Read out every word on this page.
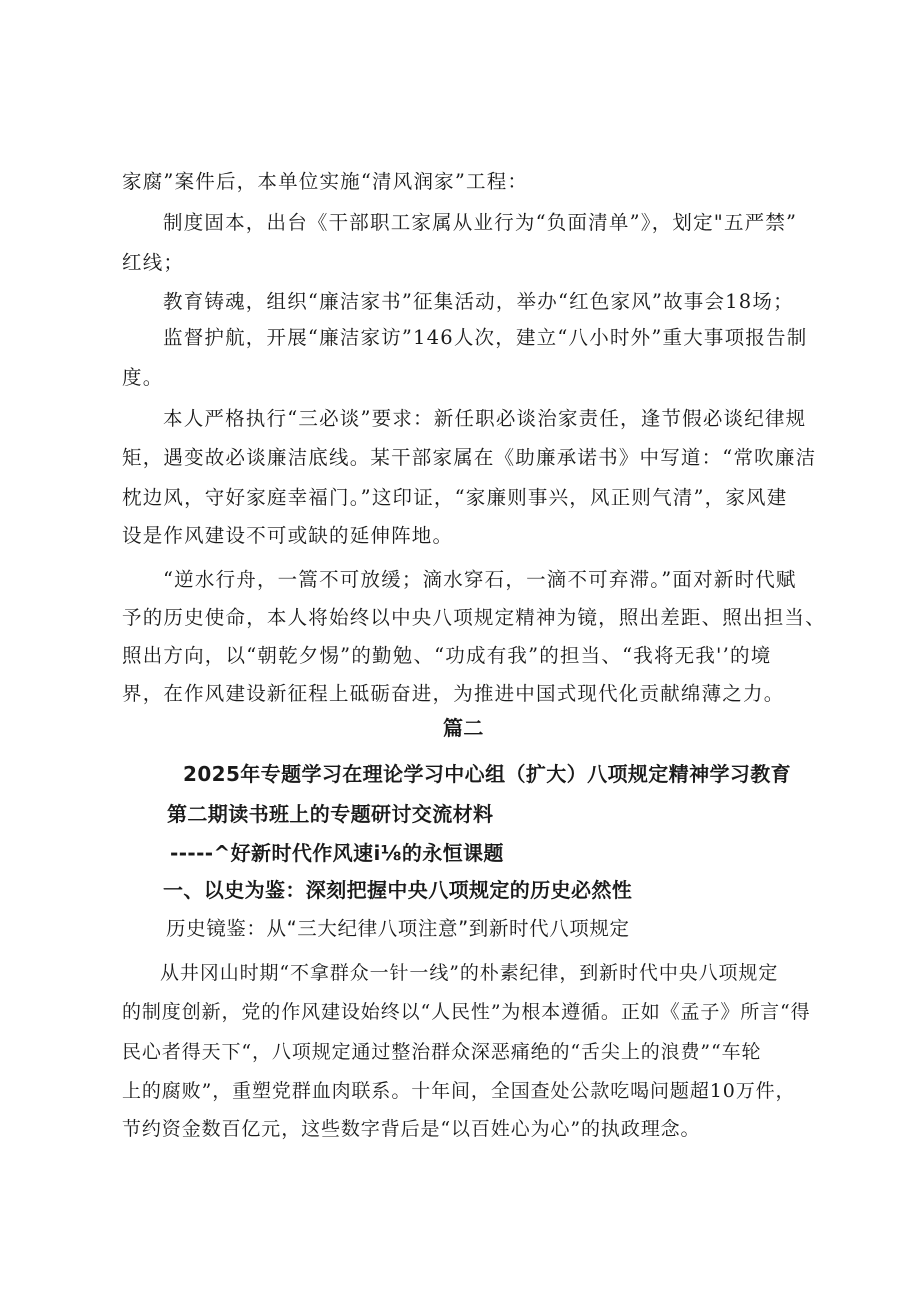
家腐”案件后，本单位实施“清风润家”工程：
制度固本，出台《干部职工家属从业行为“负面清单”》，划定"五严禁”
红线；
教育铸魂，组织“廉洁家书”征集活动，举办“红色家风”故事会18场；
监督护航，开展“廉洁家访”146人次，建立“八小时外”重大事项报告制
度。
本人严格执行“三必谈”要求：新任职必谈治家责任，逢节假必谈纪律规
矩，遇变故必谈廉洁底线。某干部家属在《助廉承诺书》中写道：“常吹廉洁
枕边风，守好家庭幸福门。”这印证，“家廉则事兴，风正则气清”，家风建
设是作风建设不可或缺的延伸阵地。
“逆水行舟，一篙不可放缓；滴水穿石，一滴不可弃滞。”面对新时代赋
予的历史使命，本人将始终以中央八项规定精神为镜，照出差距、照出担当、
照出方向，以“朝乾夕惕”的勤勉、“功成有我”的担当、“我将无我'’的境
界，在作风建设新征程上砥砺奋进，为推进中国式现代化贡献绵薄之力。
篇二
2025年专题学习在理论学习中心组（扩大）八项规定精神学习教育
第二期读书班上的专题研讨交流材料
-----^好新时代作风速i⅛的永恒课题
一、以史为鉴：深刻把握中央八项规定的历史必然性
历史镜鉴：从“三大纪律八项注意”到新时代八项规定
从井冈山时期“不拿群众一针一线”的朴素纪律，到新时代中央八项规定
的制度创新，党的作风建设始终以“人民性”为根本遵循。正如《孟子》所言“得
民心者得天下“，八项规定通过整治群众深恶痛绝的“舌尖上的浪费”“车轮
上的腐败”，重塑党群血肉联系。十年间，全国查处公款吃喝问题超10万件，
节约资金数百亿元，这些数字背后是“以百姓心为心”的执政理念。
